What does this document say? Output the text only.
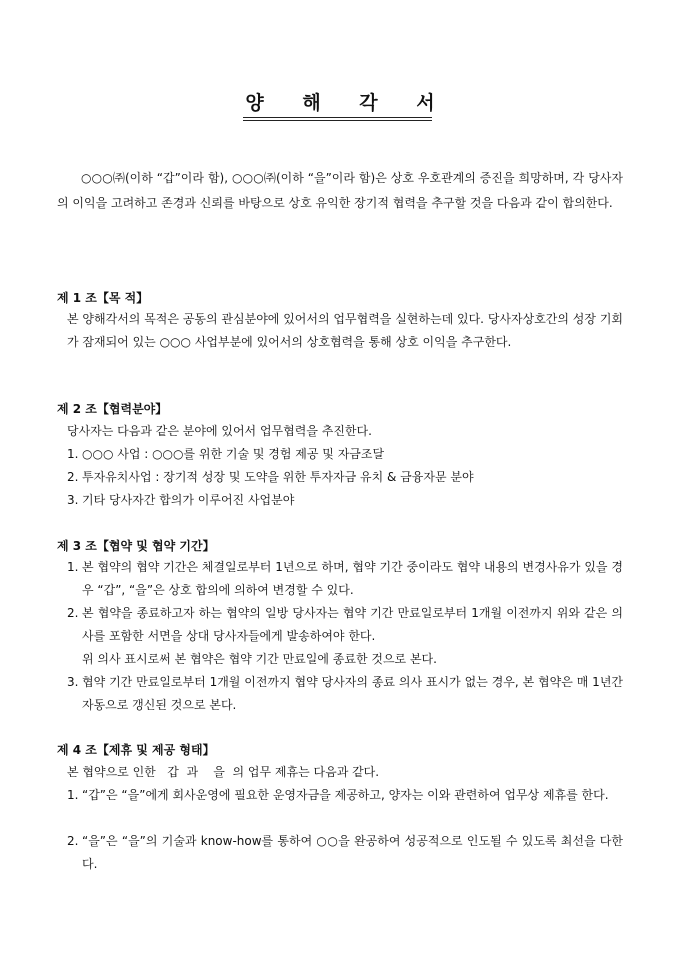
양 해 각 서
○○○㈜(이하 “갑”이라 함), ○○○㈜(이하 “을”이라 함)은 상호 우호관계의 증진을 희망하며, 각 당사자의 이익을 고려하고 존경과 신뢰를 바탕으로 상호 유익한 장기적 협력을 추구할 것을 다음과 같이 합의한다.
제 1 조【목 적】
본 양해각서의 목적은 공동의 관심분야에 있어서의 업무협력을 실현하는데 있다. 당사자상호간의 성장 기회가 잠재되어 있는 ○○○ 사업부분에 있어서의 상호협력을 통해 상호 이익을 추구한다.
제 2 조【협력분야】
당사자는 다음과 같은 분야에 있어서 업무협력을 추진한다.
1. ○○○ 사업 : ○○○를 위한 기술 및 경험 제공 및 자금조달
2. 투자유치사업 : 장기적 성장 및 도약을 위한 투자자금 유치 & 금융자문 분야
3. 기타 당사자간 합의가 이루어진 사업분야
제 3 조【협약 및 협약 기간】
1. 본 협약의 협약 기간은 체결일로부터 1년으로 하며, 협약 기간 중이라도 협약 내용의 변경사유가 있을 경우 “갑”, “을”은 상호 합의에 의하여 변경할 수 있다.
2. 본 협약을 종료하고자 하는 협약의 일방 당사자는 협약 기간 만료일로부터 1개월 이전까지 위와 같은 의사를 포함한 서면을 상대 당사자들에게 발송하여야 한다.
위 의사 표시로써 본 협약은 협약 기간 만료일에 종료한 것으로 본다.
3. 협약 기간 만료일로부터 1개월 이전까지 협약 당사자의 종료 의사 표시가 없는 경우, 본 협약은 매 1년간 자동으로 갱신된 것으로 본다.
제 4 조【제휴 및 제공 형태】
본 협약으로 인한   갑  과    을  의 업무 제휴는 다음과 같다.
1. “갑”은 “을”에게 회사운영에 필요한 운영자금을 제공하고, 양자는 이와 관련하여 업무상 제휴를 한다.
2. “을”은 “을”의 기술과 know-how를 통하여 ○○을 완공하여 성공적으로 인도될 수 있도록 최선을 다한다.
